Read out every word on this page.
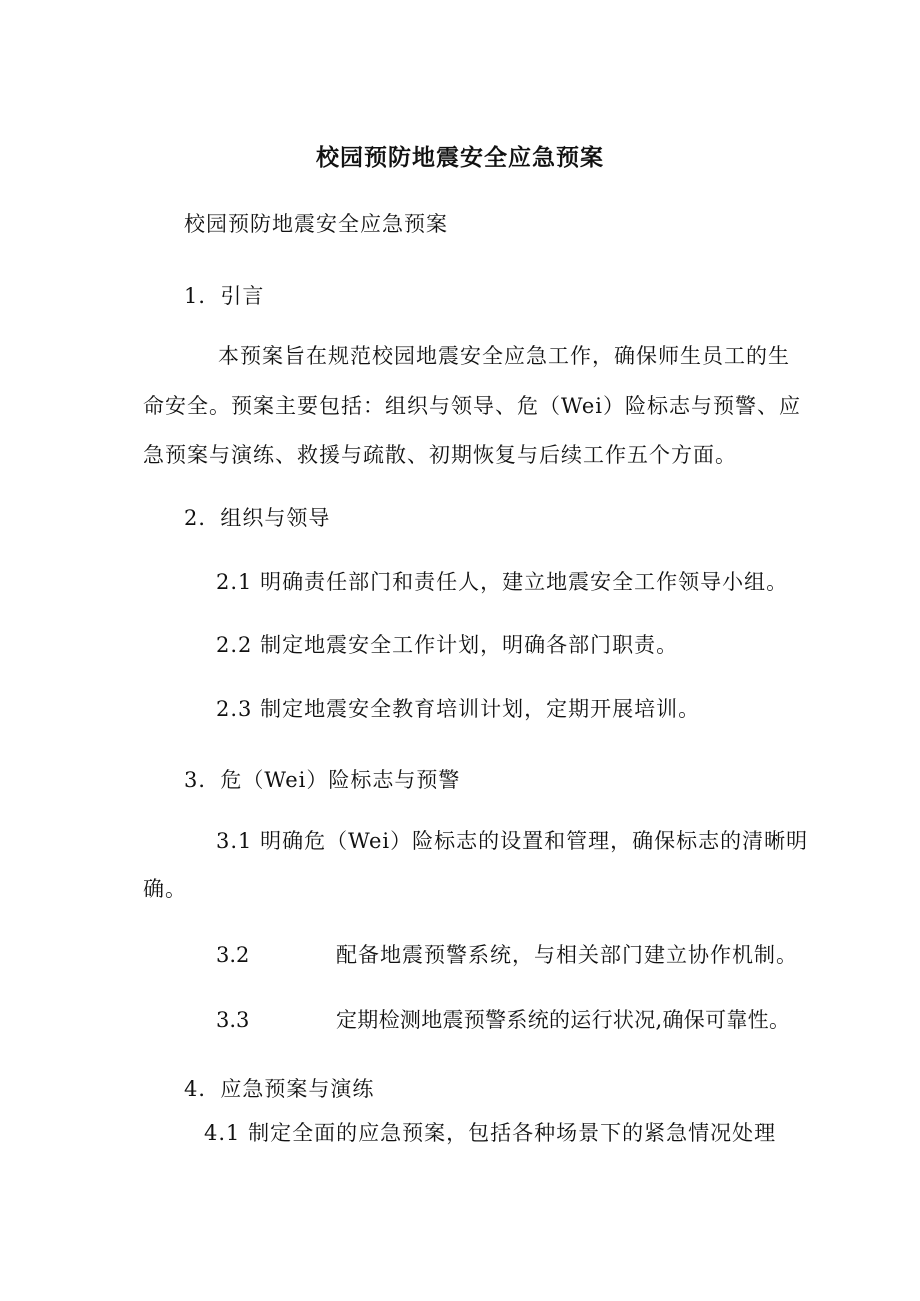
校园预防地震安全应急预案

校园预防地震安全应急预案

1．引言

本预案旨在规范校园地震安全应急工作，确保师生员工的生

命安全。预案主要包括：组织与领导、危（Wei）险标志与预警、应

急预案与演练、救援与疏散、初期恢复与后续工作五个方面。

2．组织与领导

2.1 明确责任部门和责任人，建立地震安全工作领导小组。

2.2 制定地震安全工作计划，明确各部门职责。

2.3 制定地震安全教育培训计划，定期开展培训。

3．危（Wei）险标志与预警

3.1 明确危（Wei）险标志的设置和管理，确保标志的清晰明

确。

3.2	配备地震预警系统，与相关部门建立协作机制。

3.3	定期检测地震预警系统的运行状况,确保可靠性。

4．应急预案与演练

4.1 制定全面的应急预案，包括各种场景下的紧急情况处理
